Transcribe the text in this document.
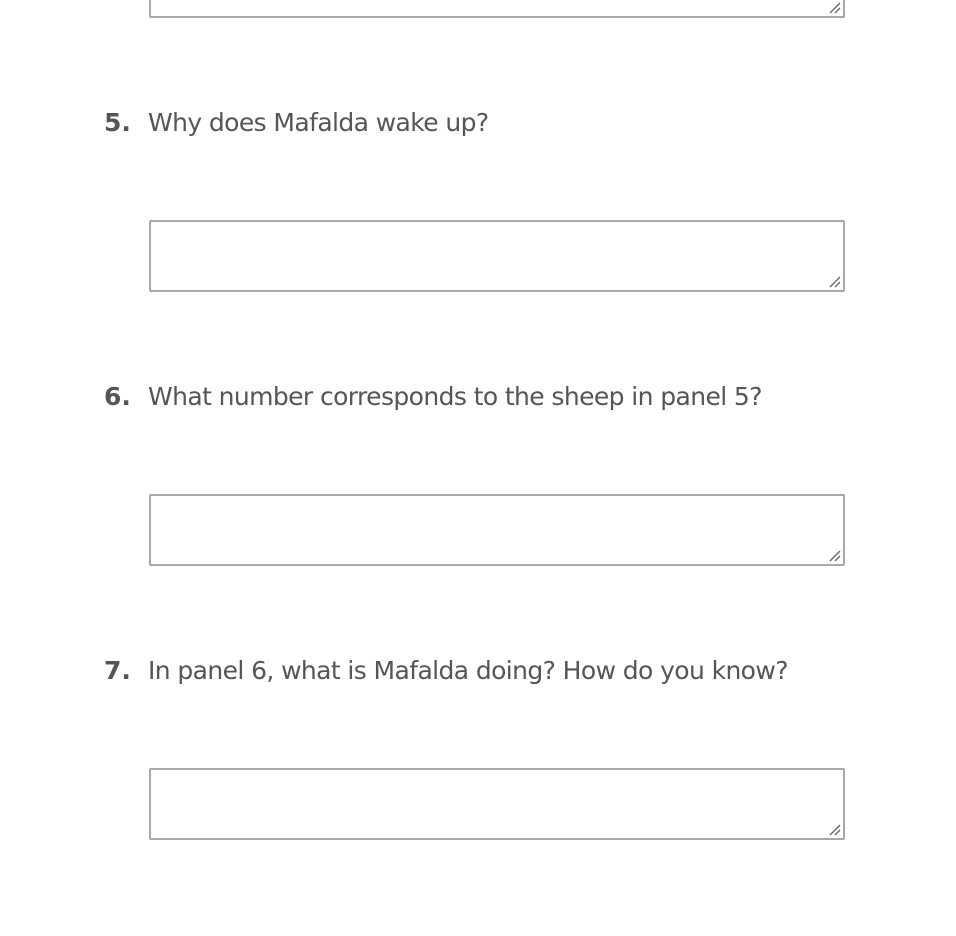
5. Why does Mafalda wake up?
6. What number corresponds to the sheep in panel 5?
7. In panel 6, what is Mafalda doing? How do you know?
